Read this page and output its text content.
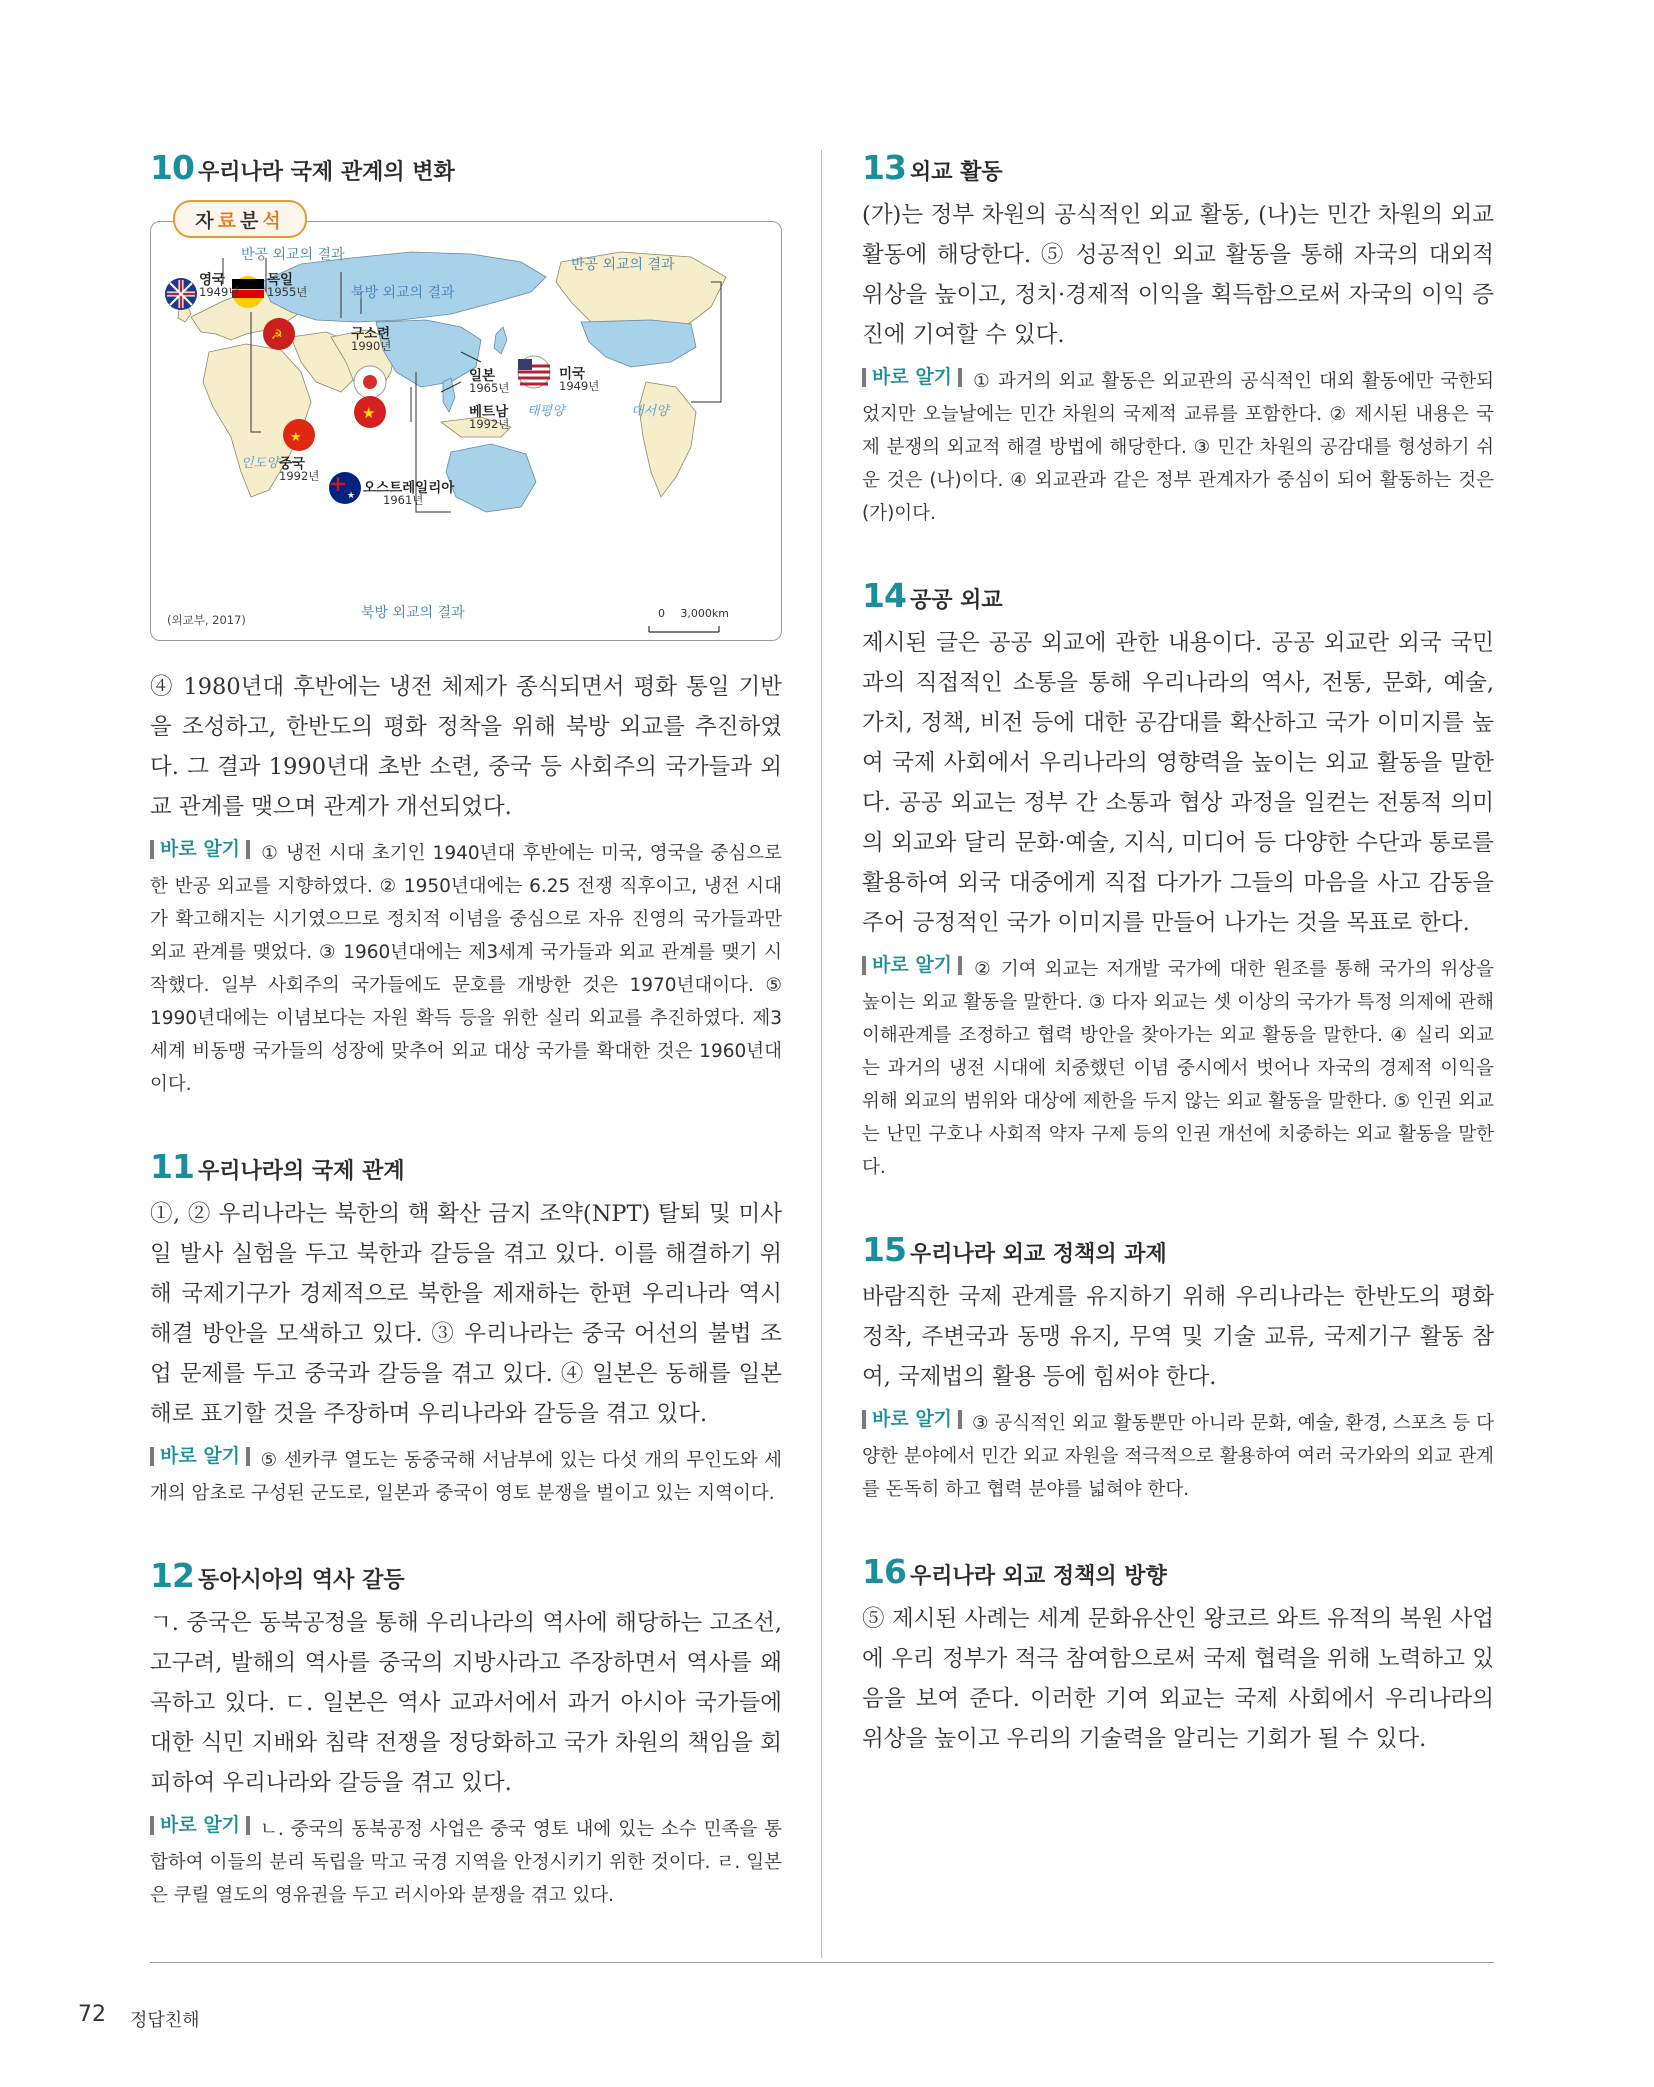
10 우리나라 국제 관계의 변화
자 료 분 석
☭
★
★
★
반공 외교의 결과
반공 외교의 결과
북방 외교의 결과
북방 외교의 결과
영국
1949년
독일
1955년
구소련
1990년
일본
1965년
베트남
1992년
중국
1992년
오스트레일리아
1961년
미국
1949년
태평양	대서양
인도양
(외교부, 2017)	0 3,000km

④ 1980년대 후반에는 냉전 체제가 종식되면서 평화 통일 기반을 조성하고, 한반도의 평화 정착을 위해 북방 외교를 추진하였다. 그 결과 1990년대 초반 소련, 중국 등 사회주의 국가들과 외교 관계를 맺으며 관계가 개선되었다.

바로 알기 ① 냉전 시대 초기인 1940년대 후반에는 미국, 영국을 중심으로 한 반공 외교를 지향하였다. ② 1950년대에는 6.25 전쟁 직후이고, 냉전 시대가 확고해지는 시기였으므로 정치적 이념을 중심으로 자유 진영의 국가들과만 외교 관계를 맺었다. ③ 1960년대에는 제3세계 국가들과 외교 관계를 맺기 시작했다. 일부 사회주의 국가들에도 문호를 개방한 것은 1970년대이다. ⑤ 1990년대에는 이념보다는 자원 확득 등을 위한 실리 외교를 추진하였다. 제3세계 비동맹 국가들의 성장에 맞추어 외교 대상 국가를 확대한 것은 1960년대이다.

11 우리나라의 국제 관계

①, ② 우리나라는 북한의 핵 확산 금지 조약(NPT) 탈퇴 및 미사일 발사 실험을 두고 북한과 갈등을 겪고 있다. 이를 해결하기 위해 국제기구가 경제적으로 북한을 제재하는 한편 우리나라 역시 해결 방안을 모색하고 있다. ③ 우리나라는 중국 어선의 불법 조업 문제를 두고 중국과 갈등을 겪고 있다. ④ 일본은 동해를 일본해로 표기할 것을 주장하며 우리나라와 갈등을 겪고 있다.

바로 알기 ⑤ 센카쿠 열도는 동중국해 서남부에 있는 다섯 개의 무인도와 세 개의 암초로 구성된 군도로, 일본과 중국이 영토 분쟁을 벌이고 있는 지역이다.

12 동아시아의 역사 갈등

ㄱ. 중국은 동북공정을 통해 우리나라의 역사에 해당하는 고조선, 고구려, 발해의 역사를 중국의 지방사라고 주장하면서 역사를 왜곡하고 있다. ㄷ. 일본은 역사 교과서에서 과거 아시아 국가들에 대한 식민 지배와 침략 전쟁을 정당화하고 국가 차원의 책임을 회피하여 우리나라와 갈등을 겪고 있다.

바로 알기 ㄴ. 중국의 동북공정 사업은 중국 영토 내에 있는 소수 민족을 통합하여 이들의 분리 독립을 막고 국경 지역을 안정시키기 위한 것이다. ㄹ. 일본은 쿠릴 열도의 영유권을 두고 러시아와 분쟁을 겪고 있다.

13 외교 활동

(가)는 정부 차원의 공식적인 외교 활동, (나)는 민간 차원의 외교 활동에 해당한다. ⑤ 성공적인 외교 활동을 통해 자국의 대외적 위상을 높이고, 정치·경제적 이익을 획득함으로써 자국의 이익 증진에 기여할 수 있다.

바로 알기 ① 과거의 외교 활동은 외교관의 공식적인 대외 활동에만 국한되었지만 오늘날에는 민간 차원의 국제적 교류를 포함한다. ② 제시된 내용은 국제 분쟁의 외교적 해결 방법에 해당한다. ③ 민간 차원의 공감대를 형성하기 쉬운 것은 (나)이다. ④ 외교관과 같은 정부 관계자가 중심이 되어 활동하는 것은 (가)이다.

14 공공 외교

제시된 글은 공공 외교에 관한 내용이다. 공공 외교란 외국 국민과의 직접적인 소통을 통해 우리나라의 역사, 전통, 문화, 예술, 가치, 정책, 비전 등에 대한 공감대를 확산하고 국가 이미지를 높여 국제 사회에서 우리나라의 영향력을 높이는 외교 활동을 말한다. 공공 외교는 정부 간 소통과 협상 과정을 일컫는 전통적 의미의 외교와 달리 문화·예술, 지식, 미디어 등 다양한 수단과 통로를 활용하여 외국 대중에게 직접 다가가 그들의 마음을 사고 감동을 주어 긍정적인 국가 이미지를 만들어 나가는 것을 목표로 한다.

바로 알기 ② 기여 외교는 저개발 국가에 대한 원조를 통해 국가의 위상을 높이는 외교 활동을 말한다. ③ 다자 외교는 셋 이상의 국가가 특정 의제에 관해 이해관계를 조정하고 협력 방안을 찾아가는 외교 활동을 말한다. ④ 실리 외교는 과거의 냉전 시대에 치중했던 이념 중시에서 벗어나 자국의 경제적 이익을 위해 외교의 범위와 대상에 제한을 두지 않는 외교 활동을 말한다. ⑤ 인권 외교는 난민 구호나 사회적 약자 구제 등의 인권 개선에 치중하는 외교 활동을 말한다.

15 우리나라 외교 정책의 과제

바람직한 국제 관계를 유지하기 위해 우리나라는 한반도의 평화 정착, 주변국과 동맹 유지, 무역 및 기술 교류, 국제기구 활동 참여, 국제법의 활용 등에 힘써야 한다.

바로 알기 ③ 공식적인 외교 활동뿐만 아니라 문화, 예술, 환경, 스포츠 등 다양한 분야에서 민간 외교 자원을 적극적으로 활용하여 여러 국가와의 외교 관계를 돈독히 하고 협력 분야를 넓혀야 한다.

16 우리나라 외교 정책의 방향

⑤ 제시된 사례는 세계 문화유산인 왕코르 와트 유적의 복원 사업에 우리 정부가 적극 참여함으로써 국제 협력을 위해 노력하고 있음을 보여 준다. 이러한 기여 외교는 국제 사회에서 우리나라의 위상을 높이고 우리의 기술력을 알리는 기회가 될 수 있다.

72 정답친해
